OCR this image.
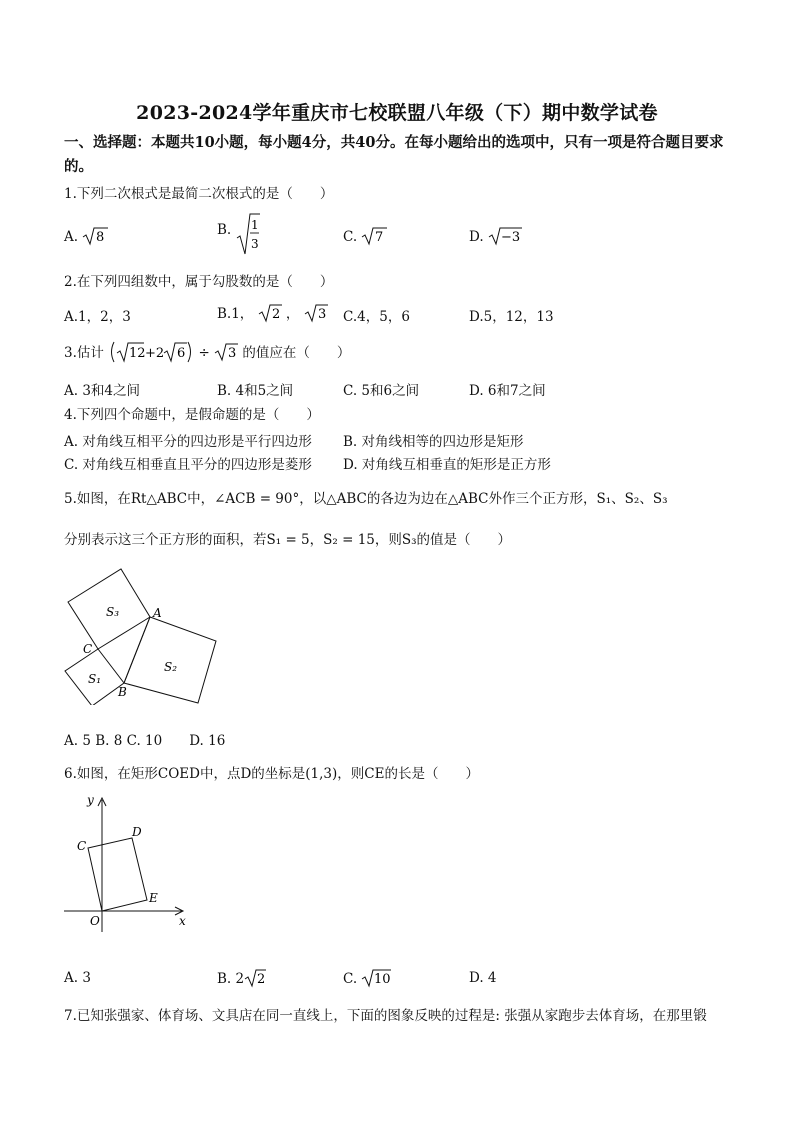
2023-2024学年重庆市七校联盟八年级（下）期中数学试卷
一、选择题：本题共10小题，每小题4分，共40分。在每小题给出的选项中，只有一项是符合题目要求的。
1.下列二次根式是最简二次根式的是（　　）
A. 8	B. 1
3	C. 7	D. −3
2.在下列四组数中，属于勾股数的是（　　）
A.1，2，3	B.1， 2 ， 3 C.4，5，6	D.5，12，13
3.估计 12 +2 6 ÷ 3 的值应在（　　）
A. 3和4之间	B. 4和5之间	C. 5和6之间	D. 6和7之间
4.下列四个命题中，是假命题的是（　　）
A. 对角线互相平分的四边形是平行四边形 B. 对角线相等的四边形是矩形
C. 对角线互相垂直且平分的四边形是菱形 D. 对角线互相垂直的矩形是正方形
5.如图，在Rt△ABC中，∠ACB = 90°，以△ABC的各边为边在△ABC外作三个正方形，S₁、S₂、S₃
分别表示这三个正方形的面积，若S₁ = 5，S₂ = 15，则S₃的值是（　　）
S₃
S₂
S₁
A
B
C
A. 5 B. 8 C. 10　　D. 16
6.如图，在矩形COED中，点D的坐标是(1,3)，则CE的长是（　　）
y
x
O
C
D
E
A. 3	B. 2 2	C. 10	D. 4
7.已知张强家、体育场、文具店在同一直线上，下面的图象反映的过程是: 张强从家跑步去体育场，在那里锻
